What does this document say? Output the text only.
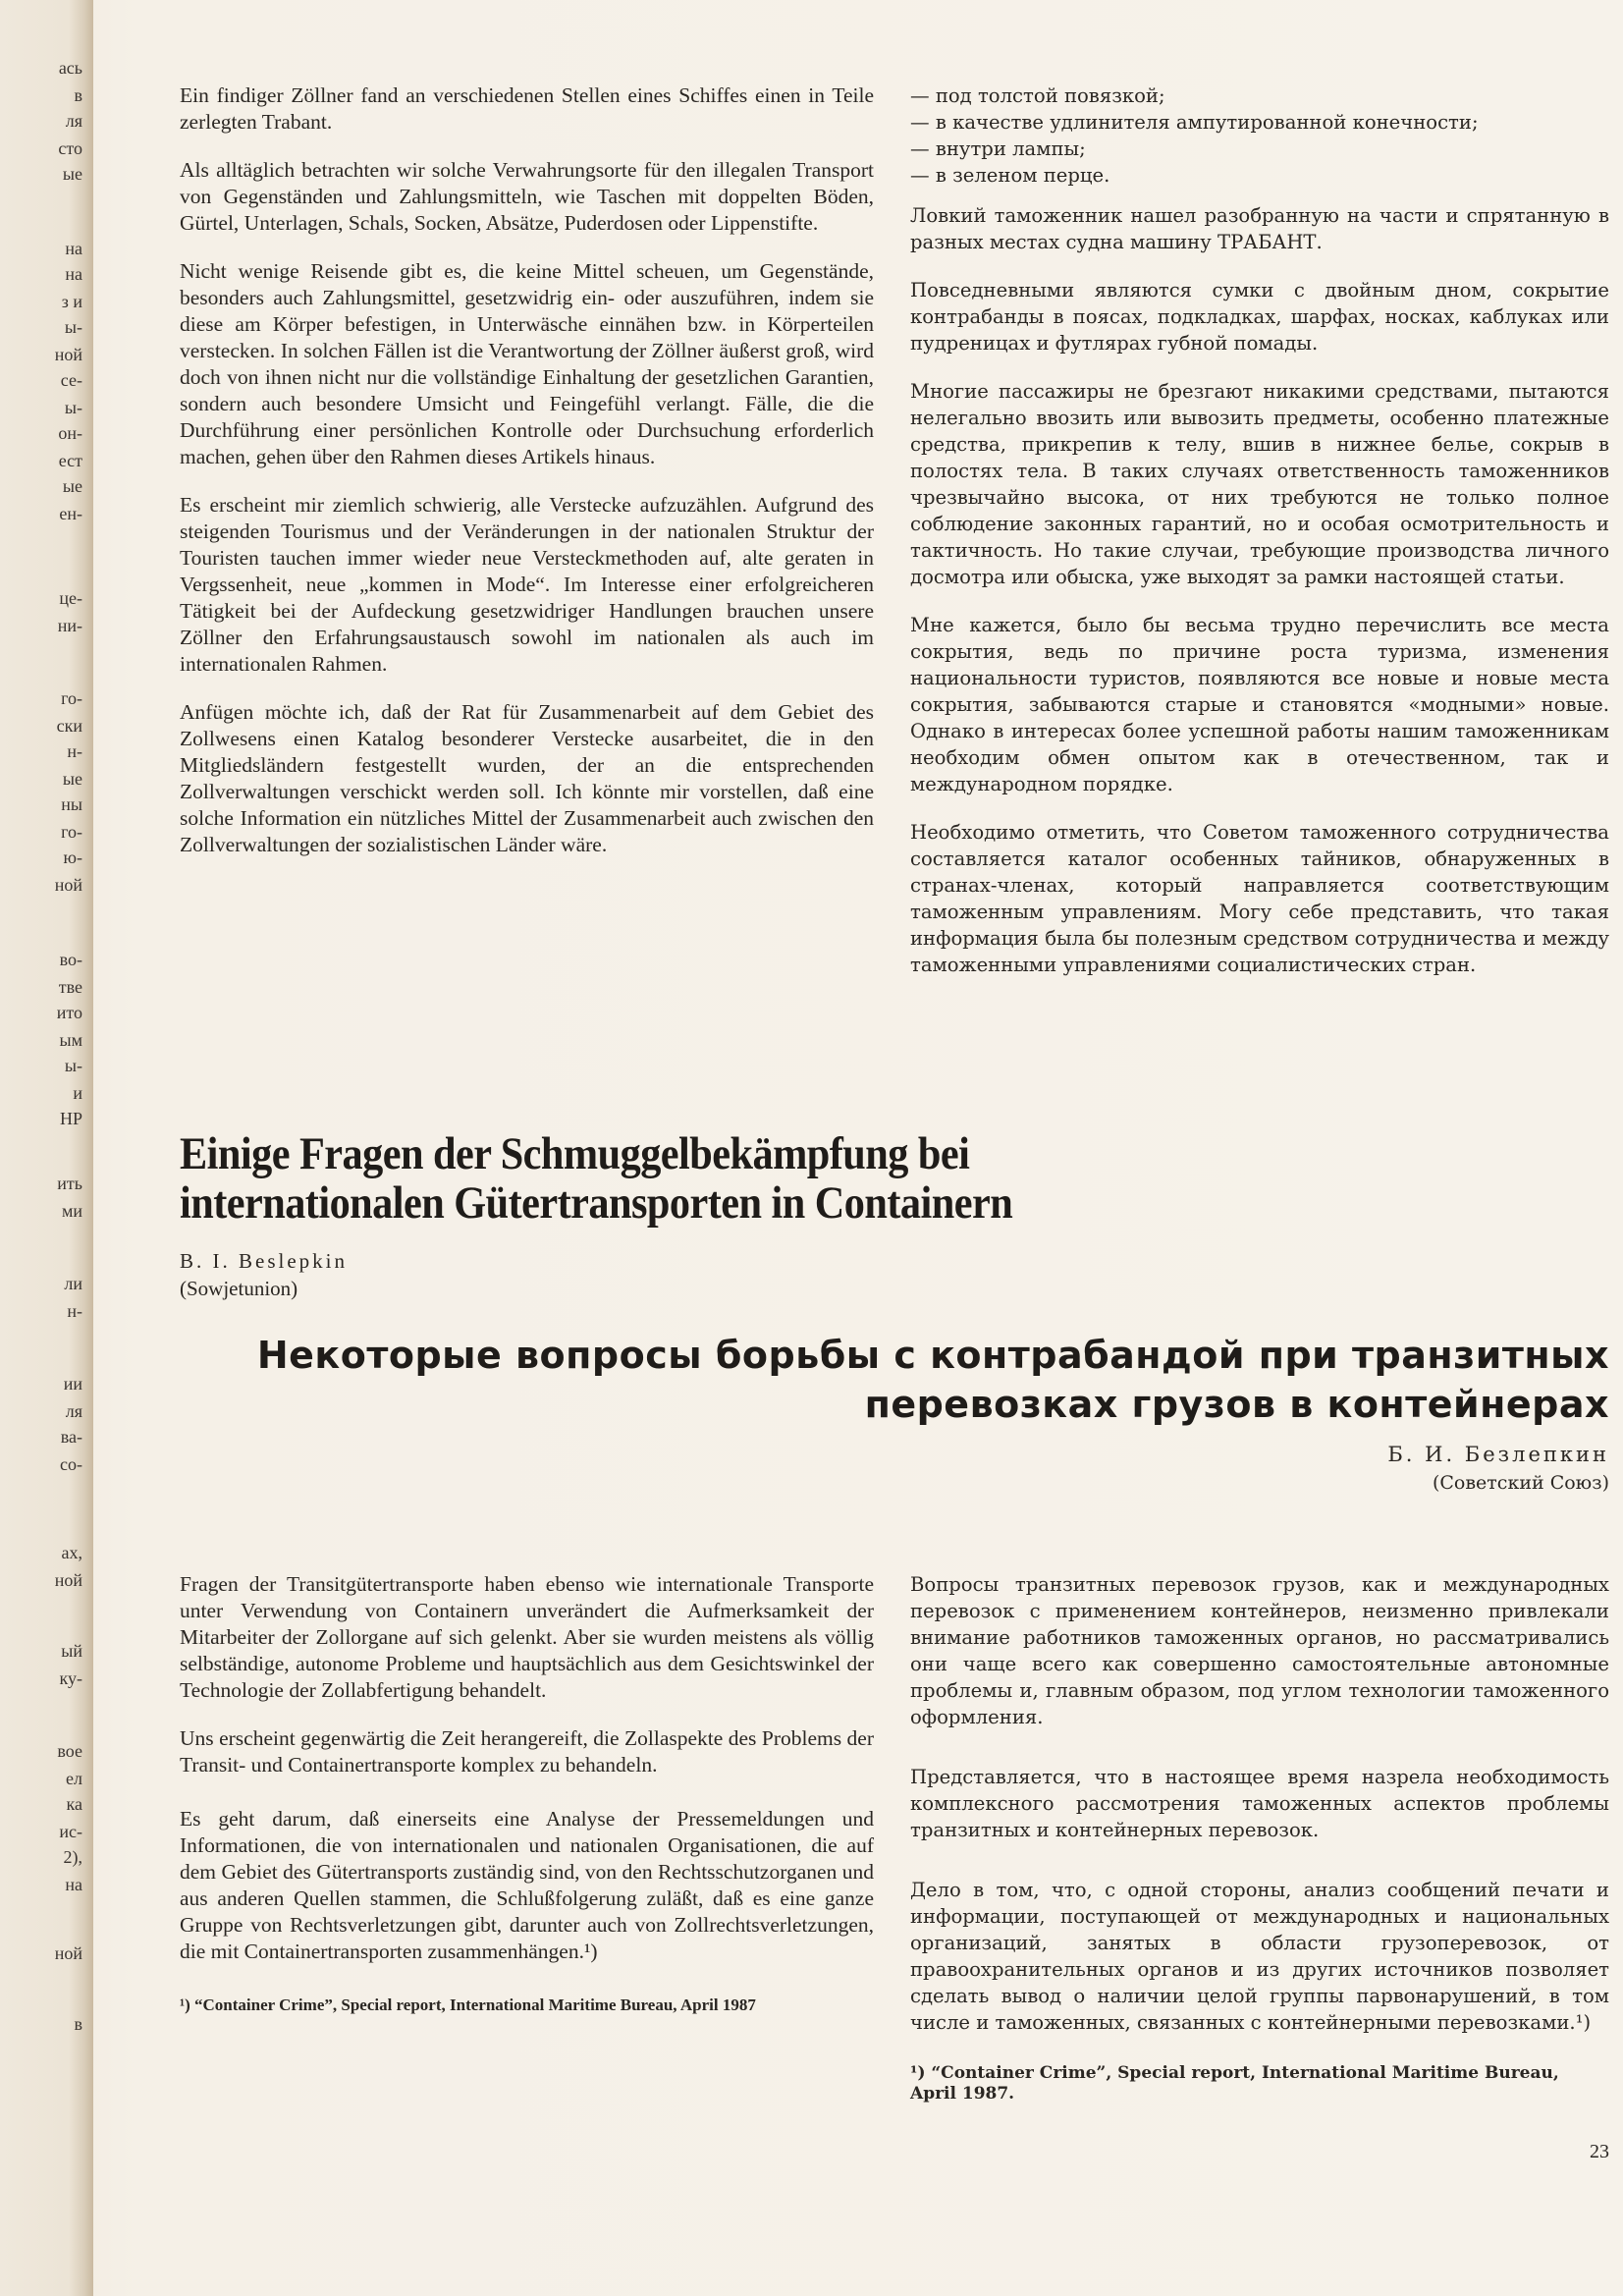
ась
в
ля
сто
ые
на
на
з и
ы-
ной
се-
ы-
он-
ест
ые
ен-
це-
ни-
го-
ски
н-
ые
ны
го-
ю-
ной
во-
тве
ито
ым
ы-
и
НР
ить
ми
ли
н-
ии
ля
ва-
со-
ах,
ной
ый
ку-
вое
ел
ка
ис-
2),
на
ной
в

Ein findiger Zöllner fand an verschiedenen Stellen eines Schiffes einen in Teile zerlegten Trabant.

Als alltäglich betrachten wir solche Verwahrungsorte für den illegalen Transport von Gegenständen und Zahlungsmitteln, wie Taschen mit doppelten Böden, Gürtel, Unterlagen, Schals, Socken, Absätze, Puderdosen oder Lippenstifte.

Nicht wenige Reisende gibt es, die keine Mittel scheuen, um Gegenstände, besonders auch Zahlungsmittel, gesetzwidrig ein- oder auszuführen, indem sie diese am Körper befestigen, in Unterwäsche einnähen bzw. in Körperteilen verstecken. In solchen Fällen ist die Verantwortung der Zöllner äußerst groß, wird doch von ihnen nicht nur die vollständige Einhaltung der gesetzlichen Garantien, sondern auch besondere Umsicht und Feingefühl verlangt. Fälle, die die Durchführung einer persönlichen Kontrolle oder Durchsuchung erforderlich machen, gehen über den Rahmen dieses Artikels hinaus.

Es erscheint mir ziemlich schwierig, alle Verstecke aufzuzählen. Aufgrund des steigenden Tourismus und der Veränderungen in der nationalen Struktur der Touristen tauchen immer wieder neue Versteckmethoden auf, alte geraten in Vergssenheit, neue „kommen in Mode“. Im Interesse einer erfolgreicheren Tätigkeit bei der Aufdeckung gesetzwidriger Handlungen brauchen unsere Zöllner den Erfahrungsaustausch sowohl im nationalen als auch im internationalen Rahmen.

Anfügen möchte ich, daß der Rat für Zusammenarbeit auf dem Gebiet des Zollwesens einen Katalog besonderer Verstecke ausarbeitet, die in den Mitgliedsländern festgestellt wurden, der an die entsprechenden Zollverwaltungen verschickt werden soll. Ich könnte mir vorstellen, daß eine solche Information ein nützliches Mittel der Zusammenarbeit auch zwischen den Zollverwaltungen der sozialistischen Länder wäre.

— под толстой повязкой;
— в качестве удлинителя ампутированной конечности;
— внутри лампы;
— в зеленом перце.

Ловкий таможенник нашел разобранную на части и спрятанную в разных местах судна машину ТРАБАНТ.

Повседневными являются сумки с двойным дном, сокрытие контрабанды в поясах, подкладках, шарфах, носках, каблуках или пудреницах и футлярах губной помады.

Многие пассажиры не брезгают никакими средствами, пытаются нелегально ввозить или вывозить предметы, особенно платежные средства, прикрепив к телу, вшив в нижнее белье, сокрыв в полостях тела. В таких случаях ответственность таможенников чрезвычайно высока, от них требуются не только полное соблюдение законных гарантий, но и особая осмотрительность и тактичность. Но такие случаи, требующие производства личного досмотра или обыска, уже выходят за рамки настоящей статьи.

Мне кажется, было бы весьма трудно перечислить все места сокрытия, ведь по причине роста туризма, изменения национальности туристов, появляются все новые и новые места сокрытия, забываются старые и становятся «модными» новые. Однако в интересах более успешной работы нашим таможенникам необходим обмен опытом как в отечественном, так и международном порядке.

Необходимо отметить, что Советом таможенного сотрудничества составляется каталог особенных тайников, обнаруженных в странах-членах, который направляется соответствующим таможенным управлениям. Могу себе представить, что такая информация была бы полезным средством сотрудничества и между таможенными управлениями социалистических стран.

Einige Fragen der Schmuggelbekämpfung bei internationalen Gütertransporten in Containern
B. I. Beslepkin
(Sowjetunion)
Некоторые вопросы борьбы с контрабандой при транзитных перевозках грузов в контейнерах
Б. И. Безлепкин
(Советский Союз)

Fragen der Transitgütertransporte haben ebenso wie internationale Transporte unter Verwendung von Containern unverändert die Aufmerksamkeit der Mitarbeiter der Zollorgane auf sich gelenkt. Aber sie wurden meistens als völlig selbständige, autonome Probleme und hauptsächlich aus dem Gesichtswinkel der Technologie der Zollabfertigung behandelt.

Uns erscheint gegenwärtig die Zeit herangereift, die Zollaspekte des Problems der Transit- und Containertransporte komplex zu behandeln.

Es geht darum, daß einerseits eine Analyse der Pressemeldungen und Informationen, die von internationalen und nationalen Organisationen, die auf dem Gebiet des Gütertransports zuständig sind, von den Rechtsschutzorganen und aus anderen Quellen stammen, die Schlußfolgerung zuläßt, daß es eine ganze Gruppe von Rechtsverletzungen gibt, darunter auch von Zollrechtsverletzungen, die mit Containertransporten zusammenhängen.¹)

¹) “Container Crime”, Special report, International Maritime Bureau, April 1987

Вопросы транзитных перевозок грузов, как и международных перевозок с применением контейнеров, неизменно привлекали внимание работников таможенных органов, но рассматривались они чаще всего как совершенно самостоятельные автономные проблемы и, главным образом, под углом технологии таможенного оформления.

Представляется, что в настоящее время назрела необходимость комплексного рассмотрения таможенных аспектов проблемы транзитных и контейнерных перевозок.

Дело в том, что, с одной стороны, анализ сообщений печати и информации, поступающей от международных и национальных организаций, занятых в области грузоперевозок, от правоохранительных органов и из других источников позволяет сделать вывод о наличии целой группы парвонарушений, в том числе и таможенных, связанных с контейнерными перевозками.¹)

¹) “Container Crime”, Special report, International Maritime Bureau, April 1987.
23
